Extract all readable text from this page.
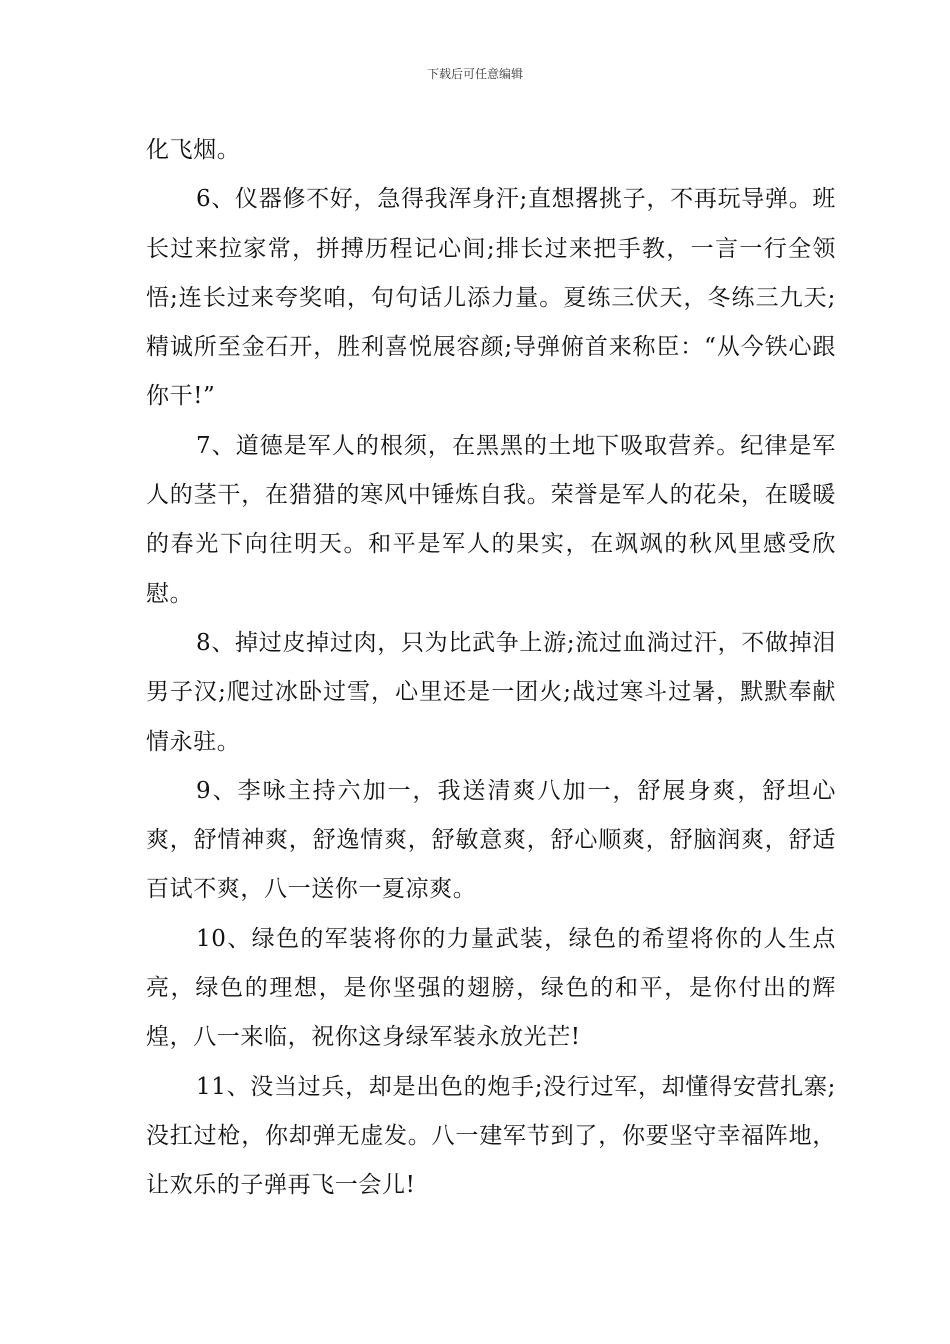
下载后可任意编辑

化飞烟。

6、仪器修不好，急得我浑身汗;直想撂挑子，不再玩导弹。班长过来拉家常，拼搏历程记心间;排长过来把手教，一言一行全领悟;连长过来夸奖咱，句句话儿添力量。夏练三伏天，冬练三九天;精诚所至金石开，胜利喜悦展容颜;导弹俯首来称臣：“从今铁心跟你干!”

7、道德是军人的根须，在黑黑的土地下吸取营养。纪律是军人的茎干，在猎猎的寒风中锤炼自我。荣誉是军人的花朵，在暖暖的春光下向往明天。和平是军人的果实，在飒飒的秋风里感受欣慰。

8、掉过皮掉过肉，只为比武争上游;流过血淌过汗，不做掉泪男子汉;爬过冰卧过雪，心里还是一团火;战过寒斗过暑，默默奉献情永驻。

9、李咏主持六加一，我送清爽八加一，舒展身爽，舒坦心爽，舒情神爽，舒逸情爽，舒敏意爽，舒心顺爽，舒脑润爽，舒适百试不爽，八一送你一夏凉爽。

10、绿色的军装将你的力量武装，绿色的希望将你的人生点亮，绿色的理想，是你坚强的翅膀，绿色的和平，是你付出的辉煌，八一来临，祝你这身绿军装永放光芒!

11、没当过兵，却是出色的炮手;没行过军，却懂得安营扎寨;没扛过枪，你却弹无虚发。八一建军节到了，你要坚守幸福阵地，让欢乐的子弹再飞一会儿!
